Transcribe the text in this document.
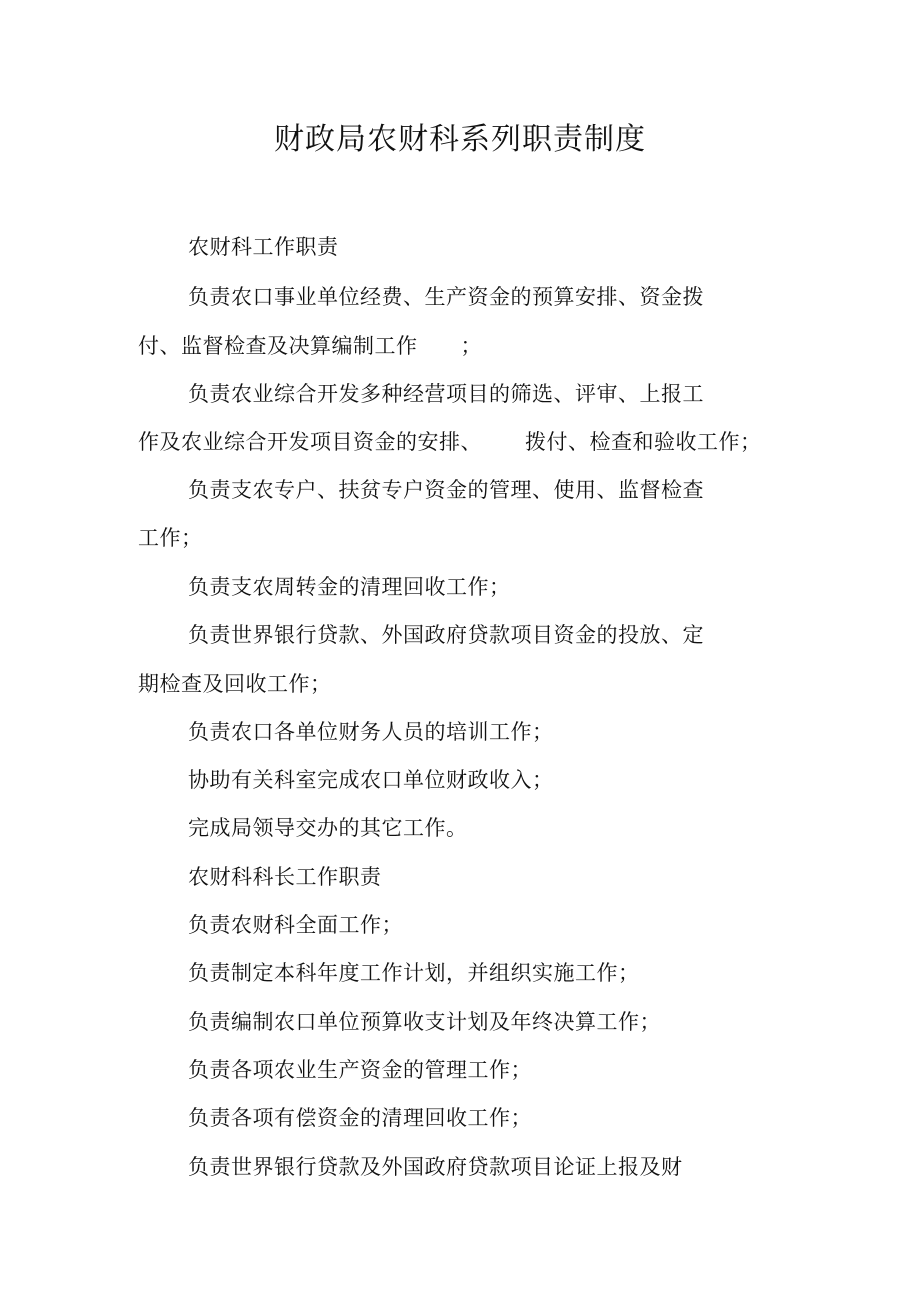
财政局农财科系列职责制度
农财科工作职责
负责农口事业单位经费、生产资金的预算安排、资金拨
付、监督检查及决算编制工作      ；
负责农业综合开发多种经营项目的筛选、评审、上报工
作及农业综合开发项目资金的安排、      拨付、检查和验收工作；
负责支农专户、扶贫专户资金的管理、使用、监督检查
工作；
负责支农周转金的清理回收工作；
负责世界银行贷款、外国政府贷款项目资金的投放、定
期检查及回收工作；
负责农口各单位财务人员的培训工作；
协助有关科室完成农口单位财政收入；
完成局领导交办的其它工作。
农财科科长工作职责
负责农财科全面工作；
负责制定本科年度工作计划，并组织实施工作；
负责编制农口单位预算收支计划及年终决算工作；
负责各项农业生产资金的管理工作；
负责各项有偿资金的清理回收工作；
负责世界银行贷款及外国政府贷款项目论证上报及财
